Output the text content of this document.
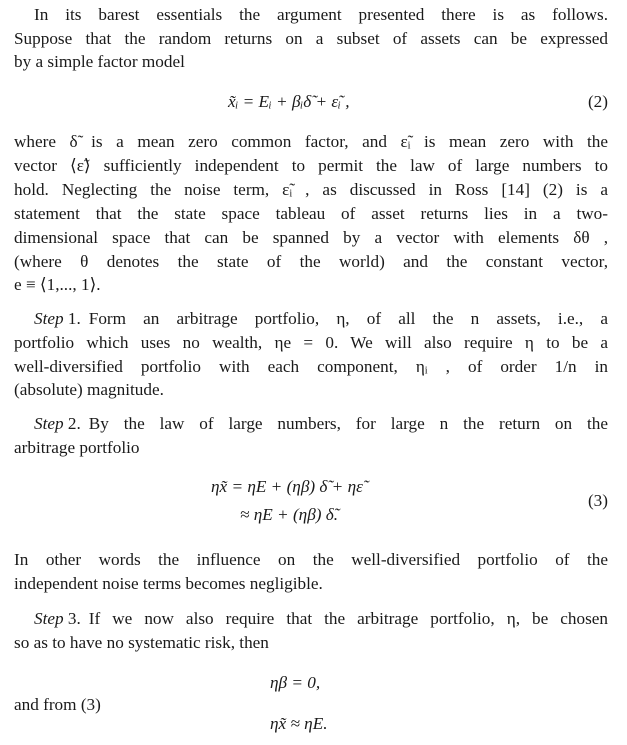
In its barest essentials the argument presented there is as follows.
Suppose that the random returns on a subset of assets can be expressed
by a simple factor model
x̃ᵢ = Eᵢ + βᵢδ̃ + ε̃ᵢ ,	(2)
where δ̃ is a mean zero common factor, and ε̃ᵢ is mean zero with the
vector ⟨ε̃⟩ sufficiently independent to permit the law of large numbers to
hold. Neglecting the noise term, ε̃ᵢ , as discussed in Ross [14] (2) is a
statement that the state space tableau of asset returns lies in a two-
dimensional space that can be spanned by a vector with elements δθ ,
(where θ denotes the state of the world) and the constant vector,
e ≡ ⟨1,..., 1⟩.
Step 1. Form an arbitrage portfolio, η, of all the n assets, i.e., a
portfolio which uses no wealth, ηe = 0. We will also require η to be a
well-diversified portfolio with each component, ηᵢ , of order 1/n in
(absolute) magnitude.
Step 2. By the law of large numbers, for large n the return on the
arbitrage portfolio
ηx̃ = ηE + (ηβ) δ̃ + ηε̃
≈ ηE + (ηβ) δ̃.
(3)
In other words the influence on the well-diversified portfolio of the
independent noise terms becomes negligible.
Step 3. If we now also require that the arbitrage portfolio, η, be chosen
so as to have no systematic risk, then
ηβ = 0,
and from (3)
ηx̃ ≈ ηE.
